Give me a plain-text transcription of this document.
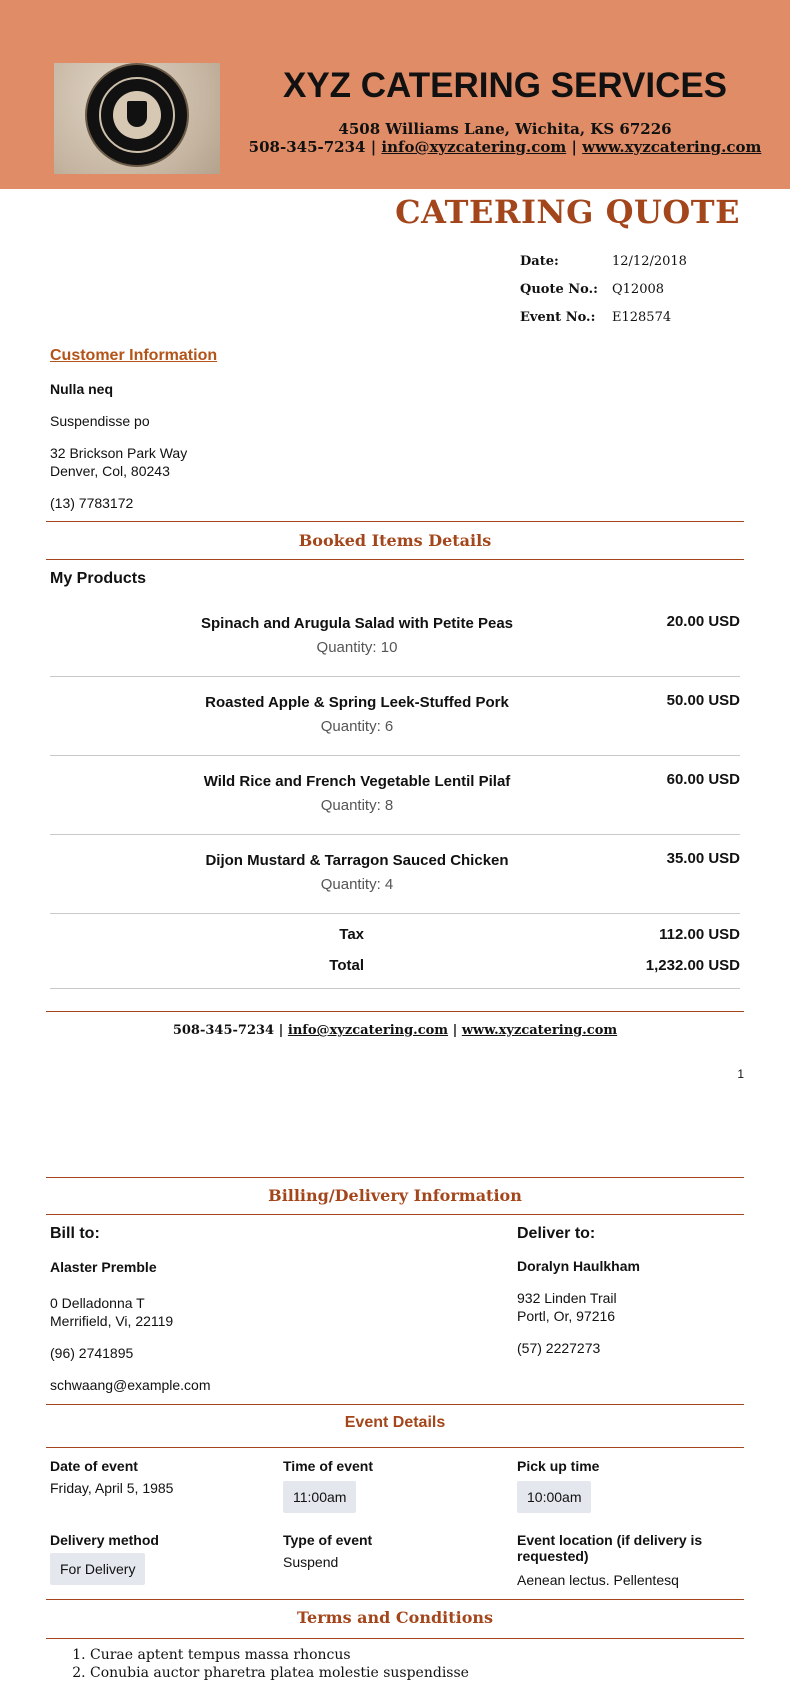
XYZ CATERING SERVICES
4508 Williams Lane, Wichita, KS 67226
508-345-7234 | info@xyzcatering.com | www.xyzcatering.com
CATERING QUOTE
Date:	12/12/2018
Quote No.: Q12008
Event No.: E128574
Customer Information
Nulla neq
Suspendisse po
32 Brickson Park Way
Denver, Col, 80243
(13) 7783172
Booked Items Details
My Products
Spinach and Arugula Salad with Petite Peas
Quantity: 10
20.00 USD
Roasted Apple & Spring Leek-Stuffed Pork
Quantity: 6
50.00 USD
Wild Rice and French Vegetable Lentil Pilaf
Quantity: 8
60.00 USD
Dijon Mustard & Tarragon Sauced Chicken
Quantity: 4
35.00 USD
Tax	112.00 USD
Total	1,232.00 USD
508-345-7234 | info@xyzcatering.com | www.xyzcatering.com
1
Billing/Delivery Information
Bill to:
Alaster Premble
0 Delladonna T
Merrifield, Vi, 22119
(96) 2741895
schwaang@example.com
Deliver to:
Doralyn Haulkham
932 Linden Trail
Portl, Or, 97216
(57) 2227273
Event Details
Date of event
Friday, April 5, 1985
Time of event
11:00am
Pick up time
10:00am
Delivery method
For Delivery
Type of event
Suspend
Event location (if delivery is
requested)
Aenean lectus. Pellentesq
Terms and Conditions
1. Curae aptent tempus massa rhoncus
2. Conubia auctor pharetra platea molestie suspendisse
